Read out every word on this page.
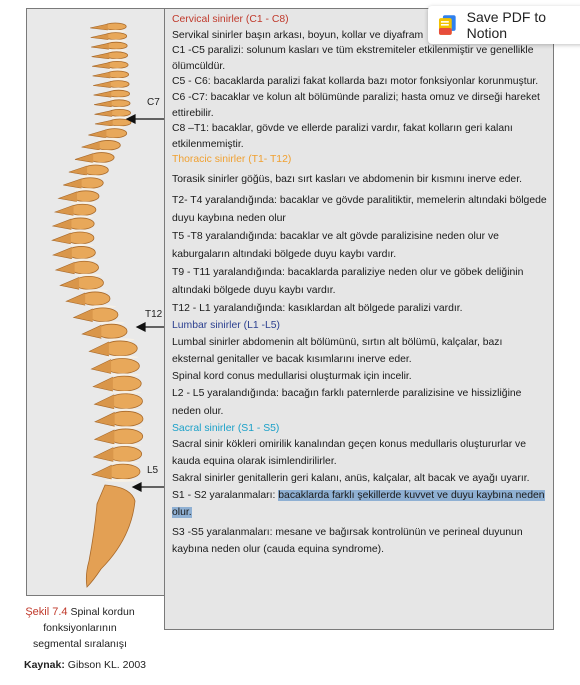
C7
T12
L5

Cervical sinirler (C1 - C8)

Servikal sinirler başın arkası, boyun, kollar ve diyafram

C1 -C5 paralizi: solunum kasları ve tüm ekstremiteler etkilenmiştir ve genellikle ölümcüldür.

C5 - C6: bacaklarda paralizi fakat kollarda bazı motor fonksiyonlar korunmuştur.

C6 -C7: bacaklar ve kolun alt bölümünde paralizi; hasta omuz ve dirseği hareket ettirebilir.

C8 –T1: bacaklar, gövde ve ellerde paralizi vardır, fakat kolların geri kalanı etkilenmemiştir.

Thoracic sinirler (T1- T12)

Torasik sinirler göğüs, bazı sırt kasları ve abdomenin bir kısmını inerve eder.

T2- T4 yaralandığında: bacaklar ve gövde paralitiktir, memelerin altındaki bölgede duyu kaybına neden olur

T5 -T8 yaralandığında: bacaklar ve alt gövde paralizisine neden olur ve kaburgaların altındaki bölgede duyu kaybı vardır.

T9 - T11 yaralandığında: bacaklarda paraliziye neden olur ve göbek deliğinin altındaki bölgede duyu kaybı vardır.

T12 - L1 yaralandığında: kasıklardan alt bölgede paralizi vardır.

Lumbar sinirler (L1 -L5)

Lumbal sinirler abdomenin alt bölümünü, sırtın alt bölümü, kalçalar, bazı eksternal genitaller ve bacak kısımlarını inerve eder.

Spinal kord conus medullarisi oluşturmak için incelir.

L2 - L5 yaralandığında: bacağın farklı paternlerde paralizisine ve hissizliğine neden olur.

Sacral sinirler (S1 - S5)

Sacral sinir kökleri omirilik kanalından geçen konus medullaris oluştururlar ve kauda equina olarak isimlendirilirler.

Sakral sinirler genitallerin geri kalanı, anüs, kalçalar, alt bacak ve ayağı uyarır.

S1 - S2 yaralanmaları: bacaklarda farklı şekillerde kuvvet ve duyu kaybına neden olur.

S3 -S5 yaralanmaları: mesane ve bağırsak kontrolünün ve perineal duyunun kaybına neden olur (cauda equina syndrome).

Şekil 7.4 Spinal kordun
fonksiyonlarının
segmental sıralanışı
Kaynak: Gibson KL. 2003
Save PDF to Notion
